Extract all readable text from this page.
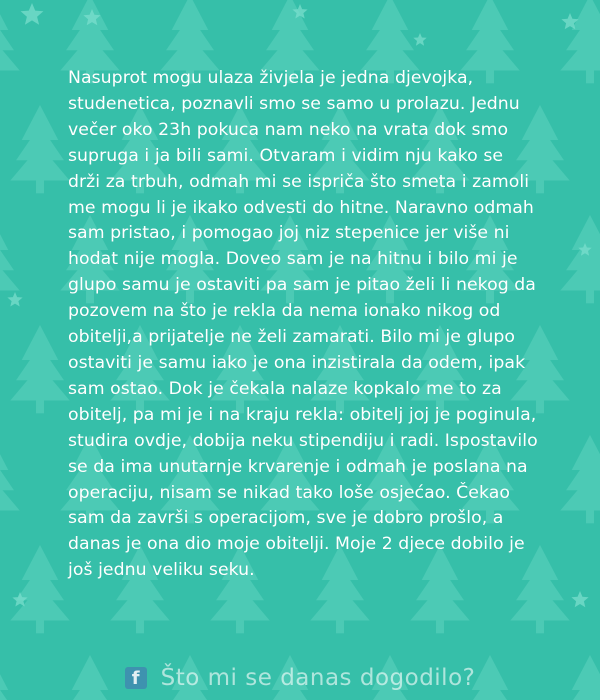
Nasuprot mogu ulaza živjela je jedna djevojka, studenetica, poznavli smo se samo u prolazu. Jednu večer oko 23h pokuca nam neko na vrata dok smo supruga i ja bili sami. Otvaram i vidim nju kako se drži za trbuh, odmah mi se ispriča što smeta i zamoli me mogu li je ikako odvesti do hitne. Naravno odmah sam pristao, i pomogao joj niz stepenice jer više ni hodat nije mogla. Doveo sam je na hitnu i bilo mi je glupo samu je ostaviti pa sam je pitao želi li nekog da pozovem na što je rekla da nema ionako nikog od obitelji,a prijatelje ne želi zamarati. Bilo mi je glupo ostaviti je samu iako je ona inzistirala da odem, ipak sam ostao. Dok je čekala nalaze kopkalo me to za obitelj, pa mi je i na kraju rekla: obitelj joj je poginula, studira ovdje, dobija neku stipendiju i radi. Ispostavilo se da ima unutarnje krvarenje i odmah je poslana na operaciju, nisam se nikad tako loše osjećao. Čekao sam da završi s operacijom, sve je dobro prošlo, a danas je ona dio moje obitelji. Moje 2 djece dobilo je još jednu veliku seku.

f Što mi se danas dogodilo?
